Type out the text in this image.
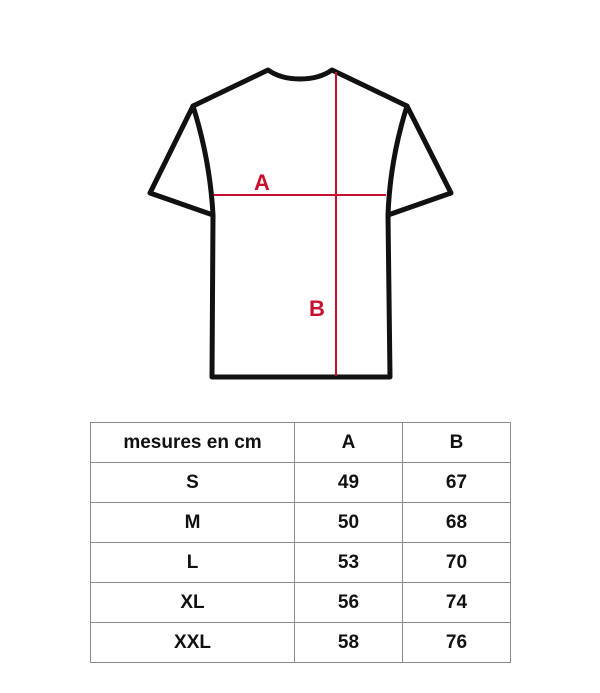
A
B
mesures en cm	A	B
S	49	67
M	50	68
L	53	70
XL	56	74
XXL	58	76
